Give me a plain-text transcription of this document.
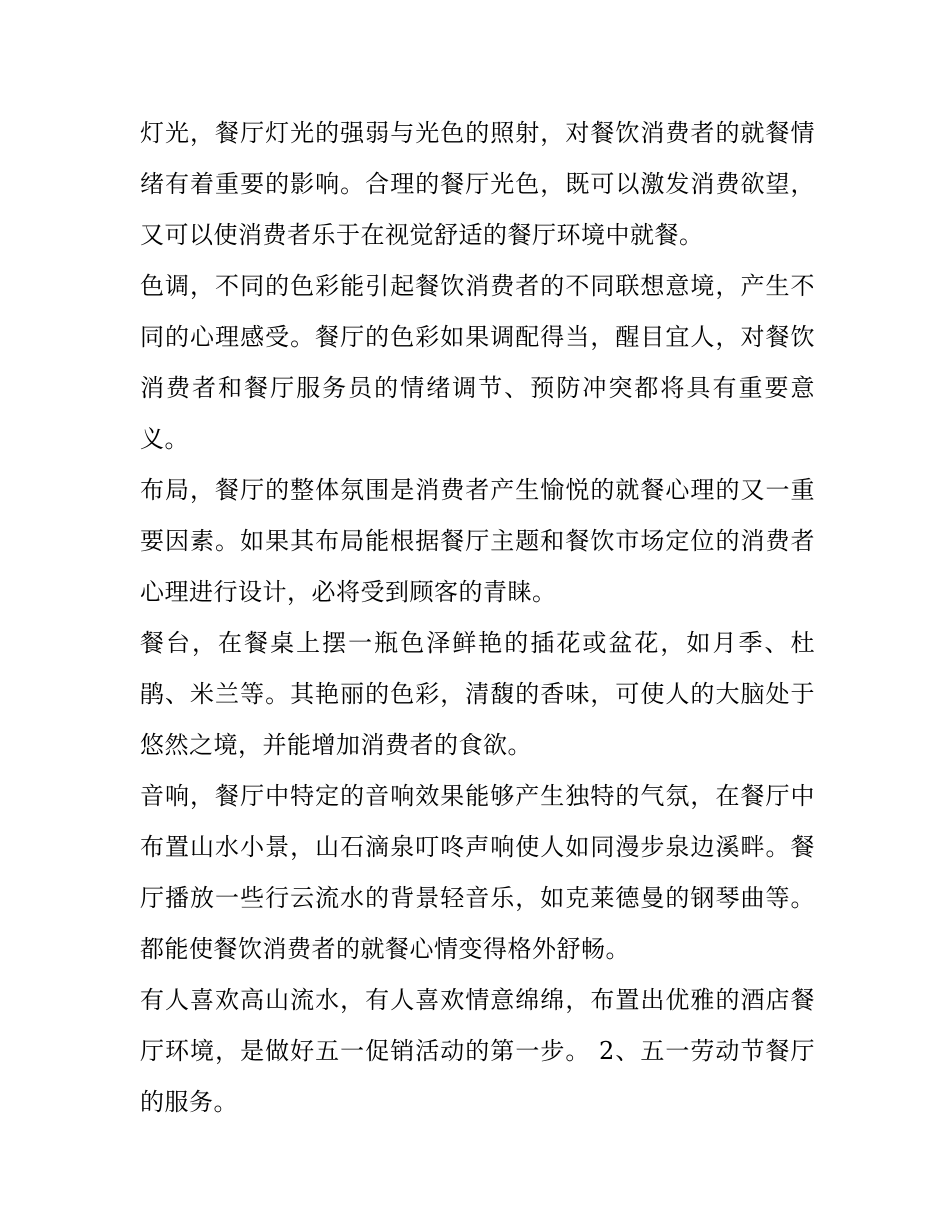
灯光，餐厅灯光的强弱与光色的照射，对餐饮消费者的就餐情绪有着重要的影响。合理的餐厅光色，既可以激发消费欲望，又可以使消费者乐于在视觉舒适的餐厅环境中就餐。

色调，不同的色彩能引起餐饮消费者的不同联想意境，产生不同的心理感受。餐厅的色彩如果调配得当，醒目宜人，对餐饮消费者和餐厅服务员的情绪调节、预防冲突都将具有重要意义。

布局，餐厅的整体氛围是消费者产生愉悦的就餐心理的又一重要因素。如果其布局能根据餐厅主题和餐饮市场定位的消费者心理进行设计，必将受到顾客的青睐。

餐台，在餐桌上摆一瓶色泽鲜艳的插花或盆花，如月季、杜鹃、米兰等。其艳丽的色彩，清馥的香味，可使人的大脑处于悠然之境，并能增加消费者的食欲。

音响，餐厅中特定的音响效果能够产生独特的气氛，在餐厅中布置山水小景，山石滴泉叮咚声响使人如同漫步泉边溪畔。餐厅播放一些行云流水的背景轻音乐，如克莱德曼的钢琴曲等。都能使餐饮消费者的就餐心情变得格外舒畅。

有人喜欢高山流水，有人喜欢情意绵绵，布置出优雅的酒店餐厅环境，是做好五一促销活动的第一步。 2、五一劳动节餐厅的服务。
